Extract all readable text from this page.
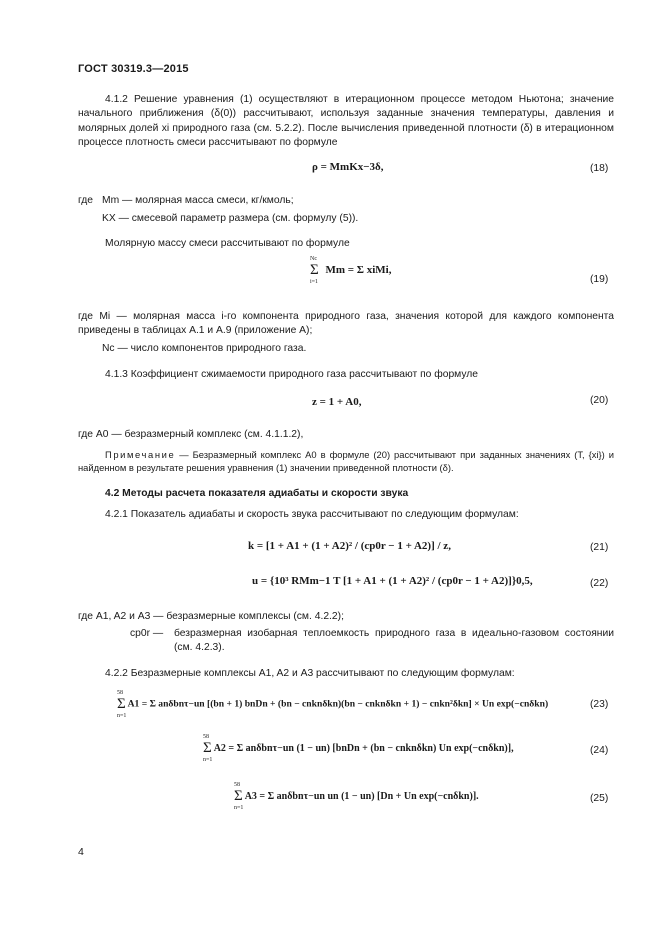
ГОСТ 30319.3—2015
4.1.2 Решение уравнения (1) осуществляют в итерационном процессе методом Ньютона; значение начального приближения (δ(0)) рассчитывают, используя заданные значения температуры, давления и молярных долей xi природного газа (см. 5.2.2). После вычисления приведенной плотности (δ) в итерационном процессе плотность смеси рассчитывают по формуле
ρ = MmKx−3δ,	(18)
где Mm — молярная масса смеси, кг/кмоль;
KX — смесевой параметр размера (см. формулу (5)).
Молярную массу смеси рассчитывают по формуле
Σ
Nc
i=1
Mm = Σ xiMi,
(19)
где Mi — молярная масса i-го компонента природного газа, значения которой для каждого компонента приведены в таблицах А.1 и А.9 (приложение А);
Nc — число компонентов природного газа.
4.1.3 Коэффициент сжимаемости природного газа рассчитывают по формуле
z = 1 + A0,	(20)
где A0 — безразмерный комплекс (см. 4.1.1.2),
Примечание — Безразмерный комплекс A0 в формуле (20) рассчитывают при заданных значениях (T, {xi}) и найденном в результате решения уравнения (1) значении приведенной плотности (δ).
4.2 Методы расчета показателя адиабаты и скорости звука
4.2.1 Показатель адиабаты и скорость звука рассчитывают по следующим формулам:
k = [1 + A1 + (1 + A2)² / (cp0r − 1 + A2)] / z,	(21)
u = {10³ RMm−1 T [1 + A1 + (1 + A2)² / (cp0r − 1 + A2)]}0,5,	(22)
где A1, A2 и A3 — безразмерные комплексы (см. 4.2.2);
cp0r — безразмерная изобарная теплоемкость природного газа в идеально-газовом состоянии (см. 4.2.3).
4.2.2 Безразмерные комплексы A1, A2 и A3 рассчитывают по следующим формулам:
Σ
58
n=1
A1 = Σ anδbnτ−un [(bn + 1) bnDn + (bn − cnknδkn)(bn − cnknδkn + 1) − cnkn²δkn] × Un exp(−cnδkn)	(23)
Σ
58
n=1
A2 = Σ anδbnτ−un (1 − un) [bnDn + (bn − cnknδkn) Un exp(−cnδkn)],	(24)
Σ
58
n=1
A3 = Σ anδbnτ−un un (1 − un) [Dn + Un exp(−cnδkn)].	(25)
4
